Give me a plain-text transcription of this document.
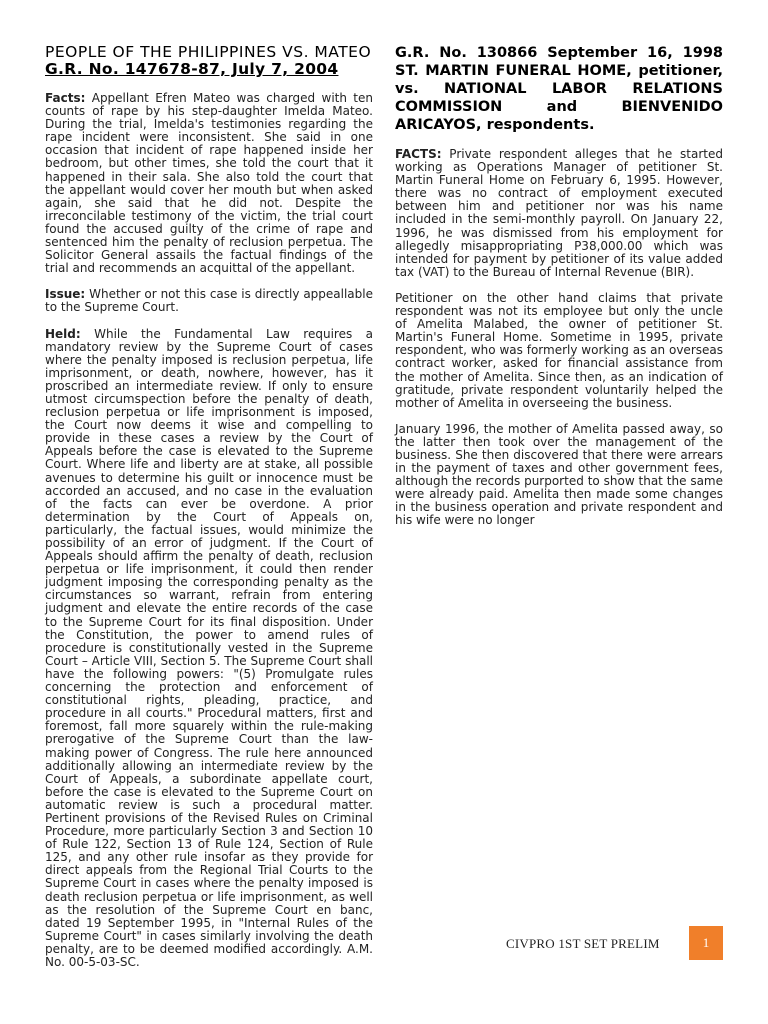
PEOPLE OF THE PHILIPPINES VS. MATEO
G.R. No. 147678-87, July 7, 2004

Facts: Appellant Efren Mateo was charged with ten counts of rape by his step-daughter Imelda Mateo. During the trial, Imelda's testimonies regarding the rape incident were inconsistent. She said in one occasion that incident of rape happened inside her bedroom, but other times, she told the court that it happened in their sala. She also told the court that the appellant would cover her mouth but when asked again, she said that he did not. Despite the irreconcilable testimony of the victim, the trial court found the accused guilty of the crime of rape and sentenced him the penalty of reclusion perpetua. The Solicitor General assails the factual findings of the trial and recommends an acquittal of the appellant.

Issue: Whether or not this case is directly appeallable to the Supreme Court.

Held: While the Fundamental Law requires a mandatory review by the Supreme Court of cases where the penalty imposed is reclusion perpetua, life imprisonment, or death, nowhere, however, has it proscribed an intermediate review. If only to ensure utmost circumspection before the penalty of death, reclusion perpetua or life imprisonment is imposed, the Court now deems it wise and compelling to provide in these cases a review by the Court of Appeals before the case is elevated to the Supreme Court. Where life and liberty are at stake, all possible avenues to determine his guilt or innocence must be accorded an accused, and no case in the evaluation of the facts can ever be overdone. A prior determination by the Court of Appeals on, particularly, the factual issues, would minimize the possibility of an error of judgment. If the Court of Appeals should affirm the penalty of death, reclusion perpetua or life imprisonment, it could then render judgment imposing the corresponding penalty as the circumstances so warrant, refrain from entering judgment and elevate the entire records of the case to the Supreme Court for its final disposition. Under the Constitution, the power to amend rules of procedure is constitutionally vested in the Supreme Court – Article VIII, Section 5. The Supreme Court shall have the following powers: "(5) Promulgate rules concerning the protection and enforcement of constitutional rights, pleading, practice, and procedure in all courts." Procedural matters, first and foremost, fall more squarely within the rule-making prerogative of the Supreme Court than the law-making power of Congress. The rule here announced additionally allowing an intermediate review by the Court of Appeals, a subordinate appellate court, before the case is elevated to the Supreme Court on automatic review is such a procedural matter. Pertinent provisions of the Revised Rules on Criminal Procedure, more particularly Section 3 and Section 10 of Rule 122, Section 13 of Rule 124, Section of Rule 125, and any other rule insofar as they provide for direct appeals from the Regional Trial Courts to the Supreme Court in cases where the penalty imposed is death reclusion perpetua or life imprisonment, as well as the resolution of the Supreme Court en banc, dated 19 September 1995, in "Internal Rules of the Supreme Court" in cases similarly involving the death penalty, are to be deemed modified accordingly. A.M. No. 00-5-03-SC.

G.R. No. 130866 September 16, 1998 ST. MARTIN FUNERAL HOME, petitioner, vs. NATIONAL LABOR RELATIONS COMMISSION and BIENVENIDO ARICAYOS, respondents.

FACTS: Private respondent alleges that he started working as Operations Manager of petitioner St. Martin Funeral Home on February 6, 1995. However, there was no contract of employment executed between him and petitioner nor was his name included in the semi-monthly payroll. On January 22, 1996, he was dismissed from his employment for allegedly misappropriating P38,000.00 which was intended for payment by petitioner of its value added tax (VAT) to the Bureau of Internal Revenue (BIR).

Petitioner on the other hand claims that private respondent was not its employee but only the uncle of Amelita Malabed, the owner of petitioner St. Martin's Funeral Home. Sometime in 1995, private respondent, who was formerly working as an overseas contract worker, asked for financial assistance from the mother of Amelita. Since then, as an indication of gratitude, private respondent voluntarily helped the mother of Amelita in overseeing the business.

January 1996, the mother of Amelita passed away, so the latter then took over the management of the business. She then discovered that there were arrears in the payment of taxes and other government fees, although the records purported to show that the same were already paid. Amelita then made some changes in the business operation and private respondent and his wife were no longer

CIVPRO 1ST SET PRELIM	1
